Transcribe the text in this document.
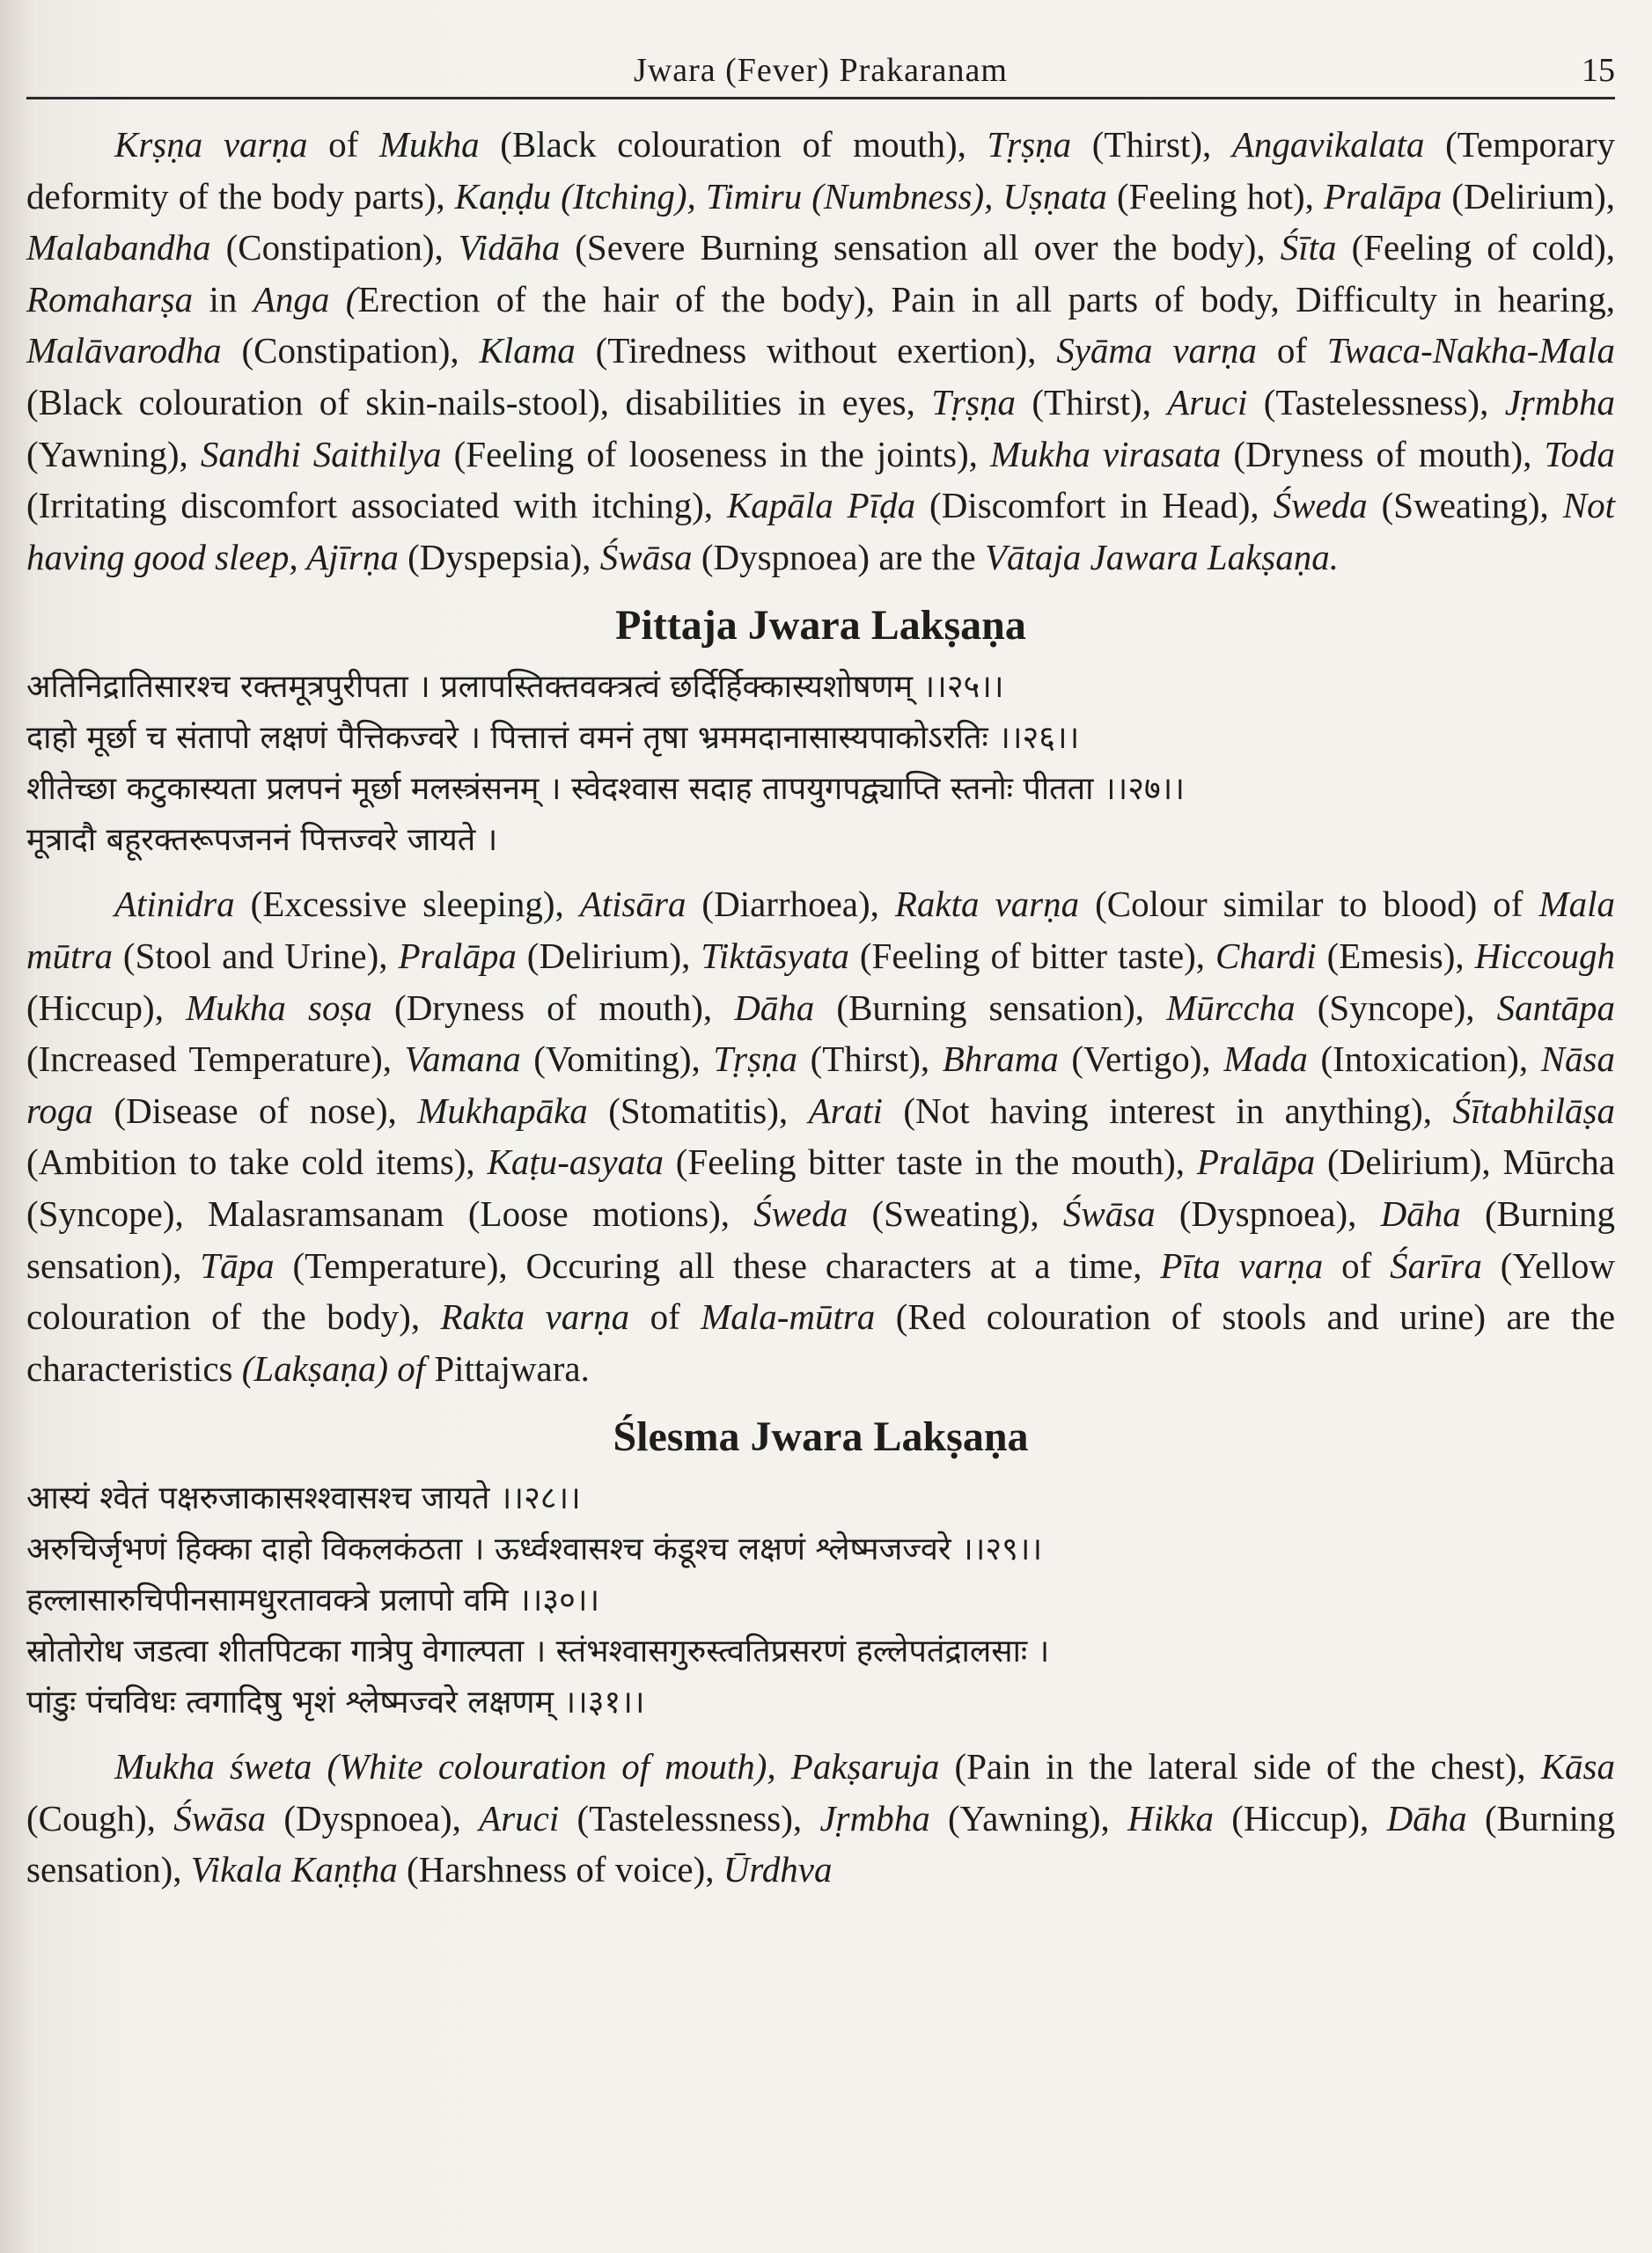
Jwara (Fever) Prakaranam	15

Krṣṇa varṇa of Mukha (Black colouration of mouth), Tṛṣṇa (Thirst), Angavikalata (Temporary deformity of the body parts), Kaṇḍu (Itching), Timiru (Numbness), Uṣṇata (Feeling hot), Pralāpa (Delirium), Malabandha (Constipation), Vidāha (Severe Burning sensation all over the body), Śīta (Feeling of cold), Romaharṣa in Anga (Erection of the hair of the body), Pain in all parts of body, Difficulty in hearing, Malāvarodha (Constipation), Klama (Tiredness without exertion), Syāma varṇa of Twaca-Nakha-Mala (Black colouration of skin-nails-stool), disabilities in eyes, Tṛṣṇa (Thirst), Aruci (Tastelessness), Jṛmbha (Yawning), Sandhi Saithilya (Feeling of looseness in the joints), Mukha virasata (Dryness of mouth), Toda (Irritating discomfort associated with itching), Kapāla Pīḍa (Discomfort in Head), Śweda (Sweating), Not having good sleep, Ajīrṇa (Dyspepsia), Śwāsa (Dyspnoea) are the Vātaja Jawara Lakṣaṇa.

Pittaja Jwara Lakṣaṇa

अतिनिद्रातिसारश्च रक्तमूत्रपुरीपता । प्रलापस्तिक्तवक्त्रत्वं छर्दिर्हिक्कास्यशोषणम् ।।२५।।

दाहो मूर्छा च संतापो लक्षणं पैत्तिकज्वरे । पित्तात्तं वमनं तृषा भ्रममदानासास्यपाकोऽरतिः ।।२६।।

शीतेच्छा कटुकास्यता प्रलपनं मूर्छा मलस्त्रंसनम् । स्वेदश्वास सदाह तापयुगपद्व्याप्ति स्तनोः पीतता ।।२७।।

मूत्रादौ बहूरक्तरूपजननं पित्तज्वरे जायते ।

Atinidra (Excessive sleeping), Atisāra (Diarrhoea), Rakta varṇa (Colour similar to blood) of Mala mūtra (Stool and Urine), Pralāpa (Delirium), Tiktāsyata (Feeling of bitter taste), Chardi (Emesis), Hiccough (Hiccup), Mukha soṣa (Dryness of mouth), Dāha (Burning sensation), Mūrccha (Syncope), Santāpa (Increased Temperature), Vamana (Vomiting), Tṛṣṇa (Thirst), Bhrama (Vertigo), Mada (Intoxication), Nāsa roga (Disease of nose), Mukhapāka (Stomatitis), Arati (Not having interest in anything), Śītabhilāṣa (Ambition to take cold items), Kaṭu-asyata (Feeling bitter taste in the mouth), Pralāpa (Delirium), Mūrcha (Syncope), Malasramsanam (Loose motions), Śweda (Sweating), Śwāsa (Dyspnoea), Dāha (Burning sensation), Tāpa (Temperature), Occuring all these characters at a time, Pīta varṇa of Śarīra (Yellow colouration of the body), Rakta varṇa of Mala-mūtra (Red colouration of stools and urine) are the characteristics (Lakṣaṇa) of Pittajwara.

Ślesma Jwara Lakṣaṇa

आस्यं श्वेतं पक्षरुजाकासश्श्वासश्च जायते ।।२८।।

अरुचिर्जृभणं हिक्का दाहो विकलकंठता । ऊर्ध्वश्वासश्च कंडूश्च लक्षणं श्लेष्मजज्वरे ।।२९।।

हल्लासारुचिपीनसामधुरतावक्त्रे प्रलापो वमि ।।३०।।

स्रोतोरोध जडत्वा शीतपिटका गात्रेपु वेगाल्पता । स्तंभश्वासगुरुस्त्वतिप्रसरणं हल्लेपतंद्रालसाः ।

पांडुः पंचविधः त्वगादिषु भृशं श्लेष्मज्वरे लक्षणम् ।।३१।।

Mukha śweta (White colouration of mouth), Pakṣaruja (Pain in the lateral side of the chest), Kāsa (Cough), Śwāsa (Dyspnoea), Aruci (Tastelessness), Jṛmbha (Yawning), Hikka (Hiccup), Dāha (Burning sensation), Vikala Kaṇṭha (Harshness of voice), Ūrdhva
